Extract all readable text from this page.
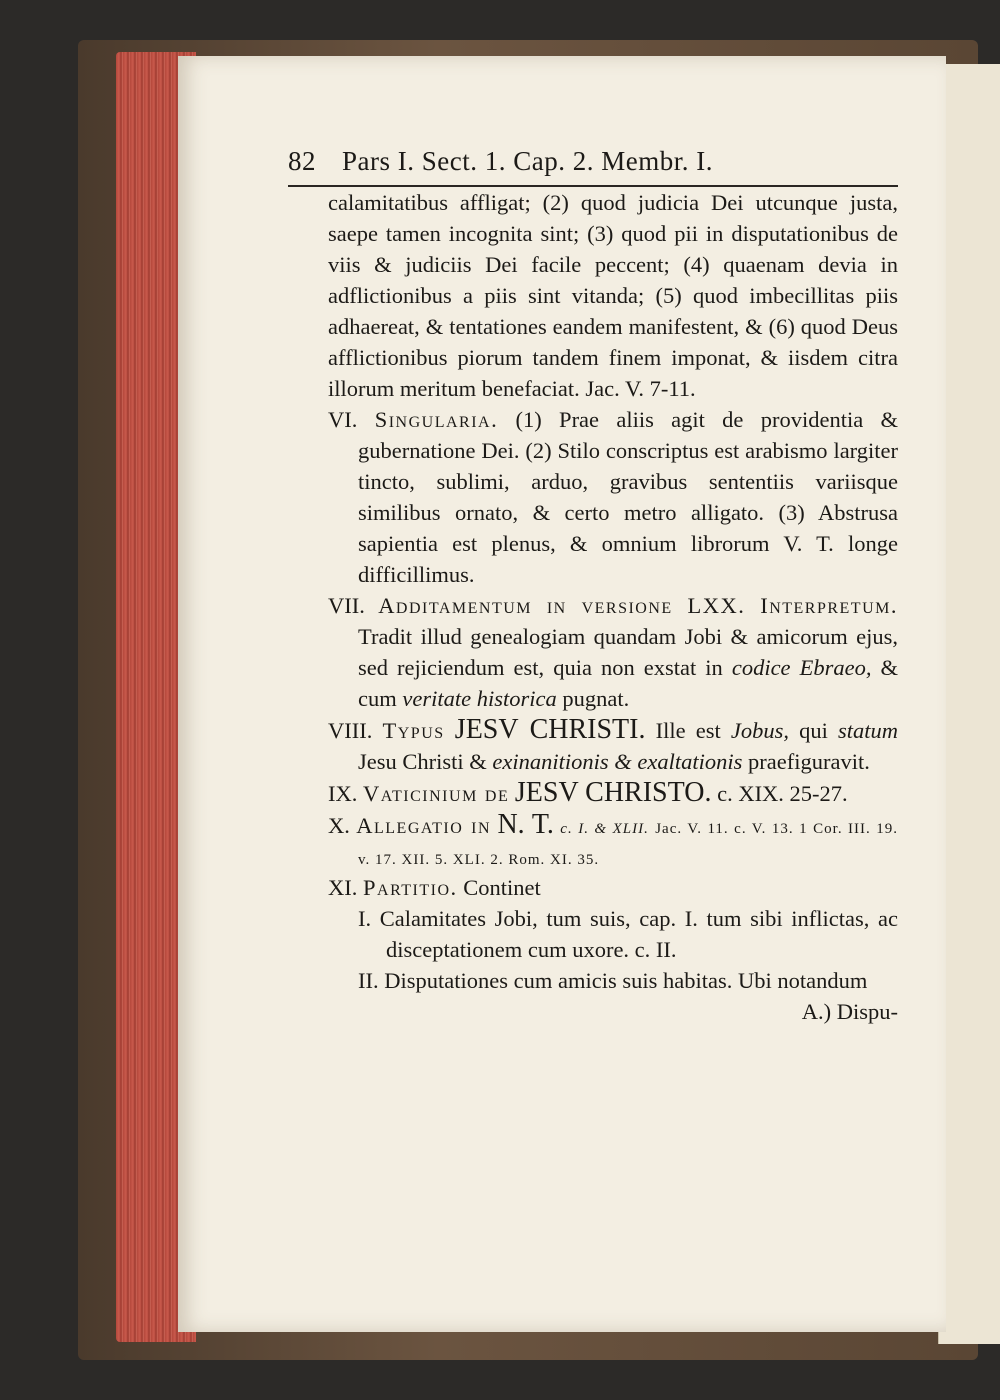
82 Pars I. Sect. 1. Cap. 2. Membr. I.

calamitatibus affligat; (2) quod judicia Dei utcunque justa, saepe tamen incognita sint; (3) quod pii in disputationibus de viis & judiciis Dei facile peccent; (4) quaenam devia in adflictionibus a piis sint vitanda; (5) quod imbecillitas piis adhaereat, & tentationes eandem manifestent, & (6) quod Deus afflictionibus piorum tandem finem imponat, & iisdem citra illorum meritum benefaciat. Jac. V. 7-11.

VI. Singularia. (1) Prae aliis agit de providentia & gubernatione Dei. (2) Stilo conscriptus est arabismo largiter tincto, sublimi, arduo, gravibus sententiis variisque similibus ornato, & certo metro alligato. (3) Abstrusa sapientia est plenus, & omnium librorum V. T. longe difficillimus.

VII. Additamentum in versione LXX. Interpretum. Tradit illud genealogiam quandam Jobi & amicorum ejus, sed rejiciendum est, quia non exstat in codice Ebraeo, & cum veritate historica pugnat.

VIII. Typus JESV CHRISTI. Ille est Jobus, qui statum Jesu Christi & exinanitionis & exaltationis praefiguravit.

IX. Vaticinium de JESV CHRISTO. c. XIX. 25-27.

X. Allegatio in N. T. c. I. & XLII. Jac. V. 11. c. V. 13. 1 Cor. III. 19. v. 17. XII. 5. XLI. 2. Rom. XI. 35.

XI. Partitio. Continet

I. Calamitates Jobi, tum suis, cap. I. tum sibi inflictas, ac disceptationem cum uxore. c. II.

II. Disputationes cum amicis suis habitas. Ubi notandum

A.) Dispu-
